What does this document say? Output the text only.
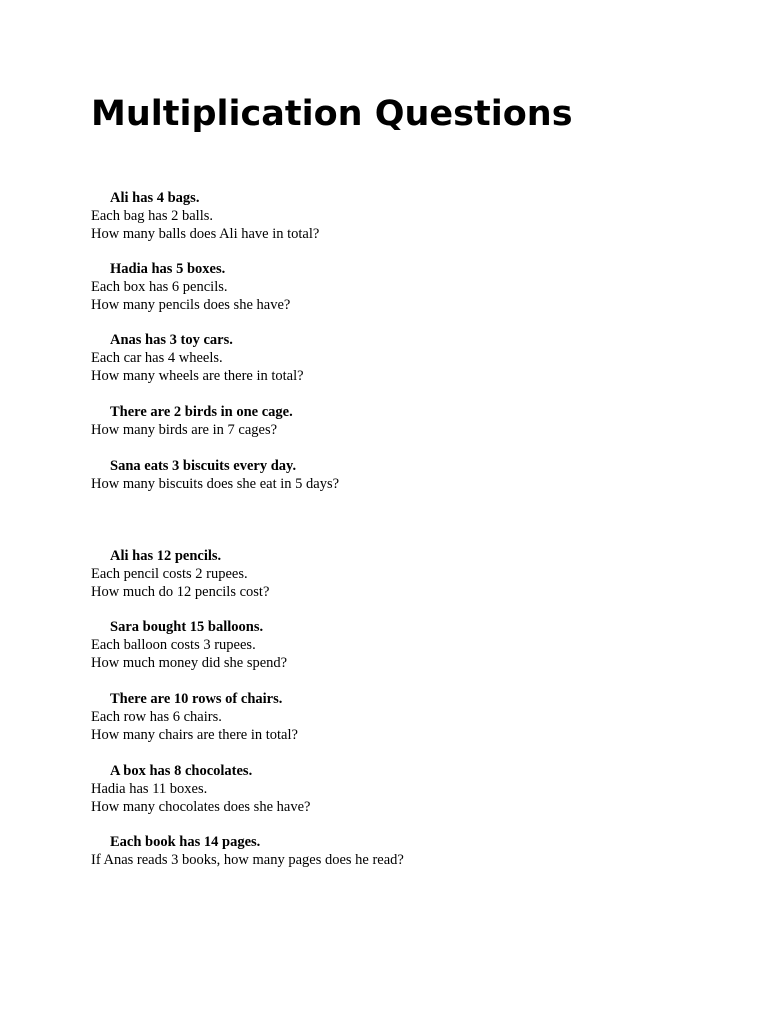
Multiplication Questions
Ali has 4 bags.
Each bag has 2 balls.
How many balls does Ali have in total?
Hadia has 5 boxes.
Each box has 6 pencils.
How many pencils does she have?
Anas has 3 toy cars.
Each car has 4 wheels.
How many wheels are there in total?
There are 2 birds in one cage.
How many birds are in 7 cages?
Sana eats 3 biscuits every day.
How many biscuits does she eat in 5 days?
Ali has 12 pencils.
Each pencil costs 2 rupees.
How much do 12 pencils cost?
Sara bought 15 balloons.
Each balloon costs 3 rupees.
How much money did she spend?
There are 10 rows of chairs.
Each row has 6 chairs.
How many chairs are there in total?
A box has 8 chocolates.
Hadia has 11 boxes.
How many chocolates does she have?
Each book has 14 pages.
If Anas reads 3 books, how many pages does he read?
